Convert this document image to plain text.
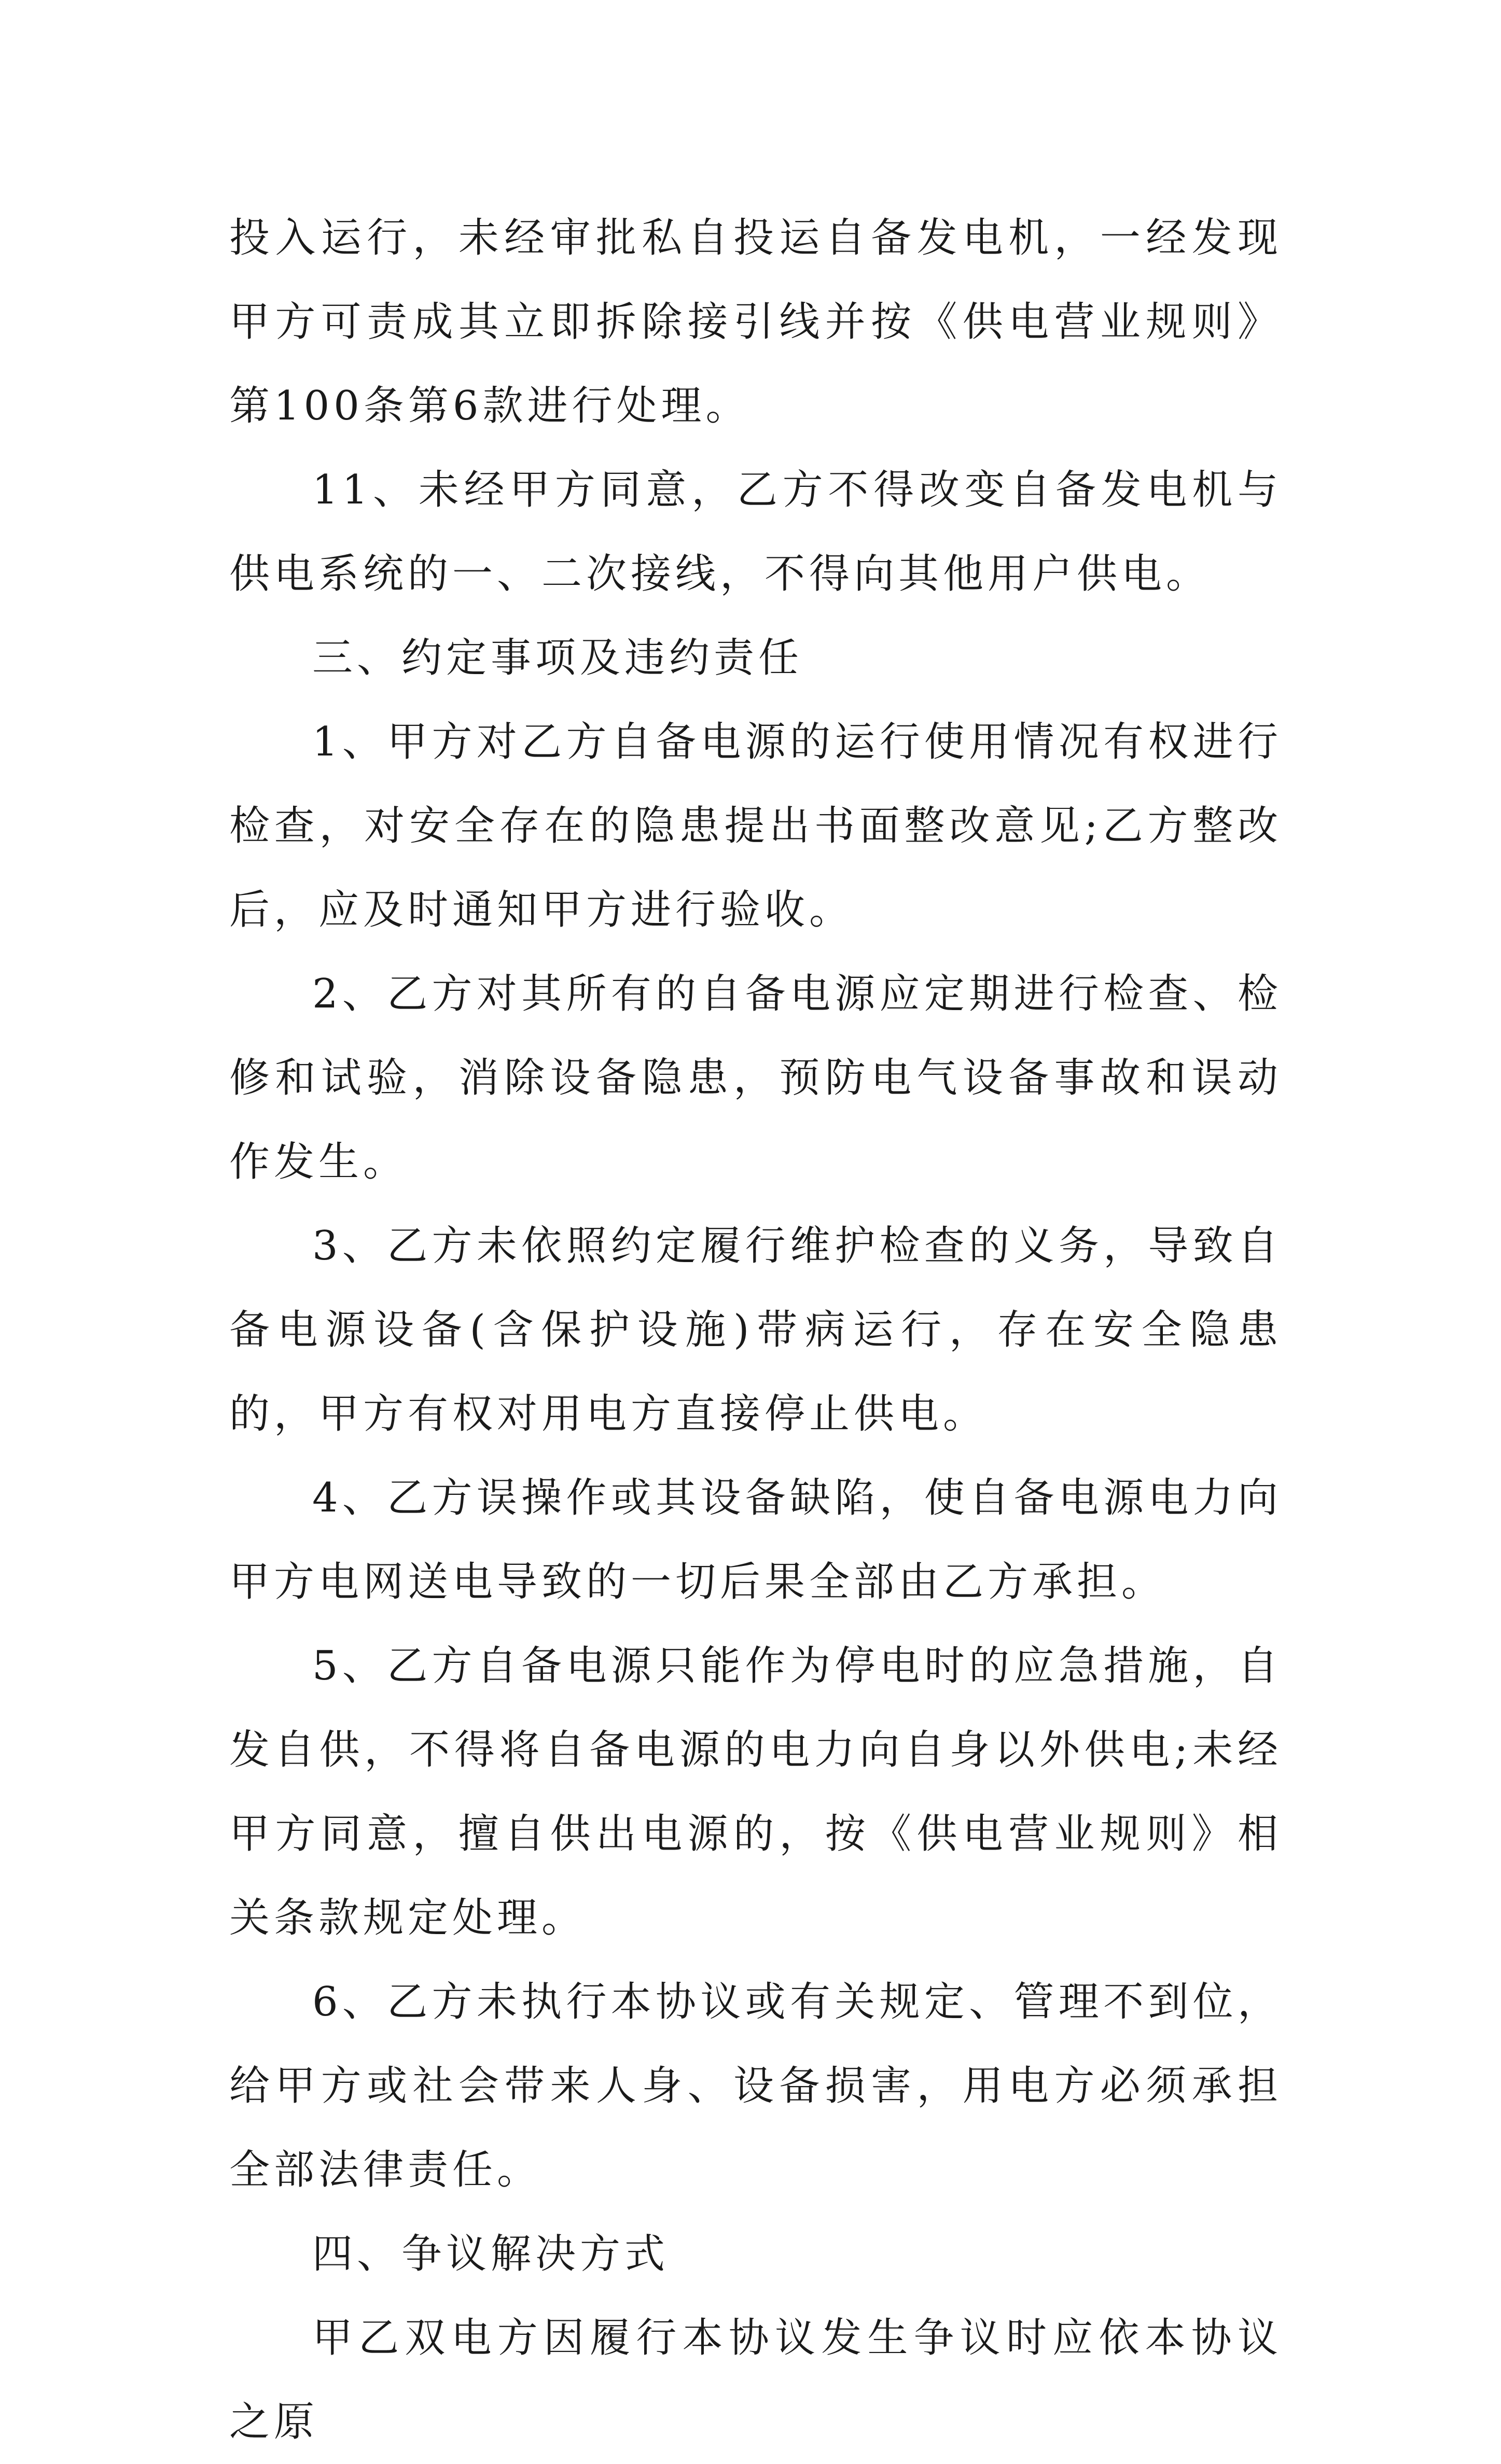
投入运行，未经审批私自投运自备发电机，一经发现甲方可责成其立即拆除接引线并按《供电营业规则》第100条第6款进行处理。

11、未经甲方同意，乙方不得改变自备发电机与供电系统的一、二次接线，不得向其他用户供电。

三、约定事项及违约责任

1、甲方对乙方自备电源的运行使用情况有权进行检查，对安全存在的隐患提出书面整改意见;乙方整改后，应及时通知甲方进行验收。

2、乙方对其所有的自备电源应定期进行检查、检修和试验，消除设备隐患，预防电气设备事故和误动作发生。

3、乙方未依照约定履行维护检查的义务，导致自备电源设备(含保护设施)带病运行，存在安全隐患的，甲方有权对用电方直接停止供电。

4、乙方误操作或其设备缺陷，使自备电源电力向甲方电网送电导致的一切后果全部由乙方承担。

5、乙方自备电源只能作为停电时的应急措施，自发自供，不得将自备电源的电力向自身以外供电;未经甲方同意，擅自供出电源的，按《供电营业规则》相关条款规定处理。

6、乙方未执行本协议或有关规定、管理不到位，给甲方或社会带来人身、设备损害，用电方必须承担全部法律责任。

四、争议解决方式

甲乙双电方因履行本协议发生争议时应依本协议之原
